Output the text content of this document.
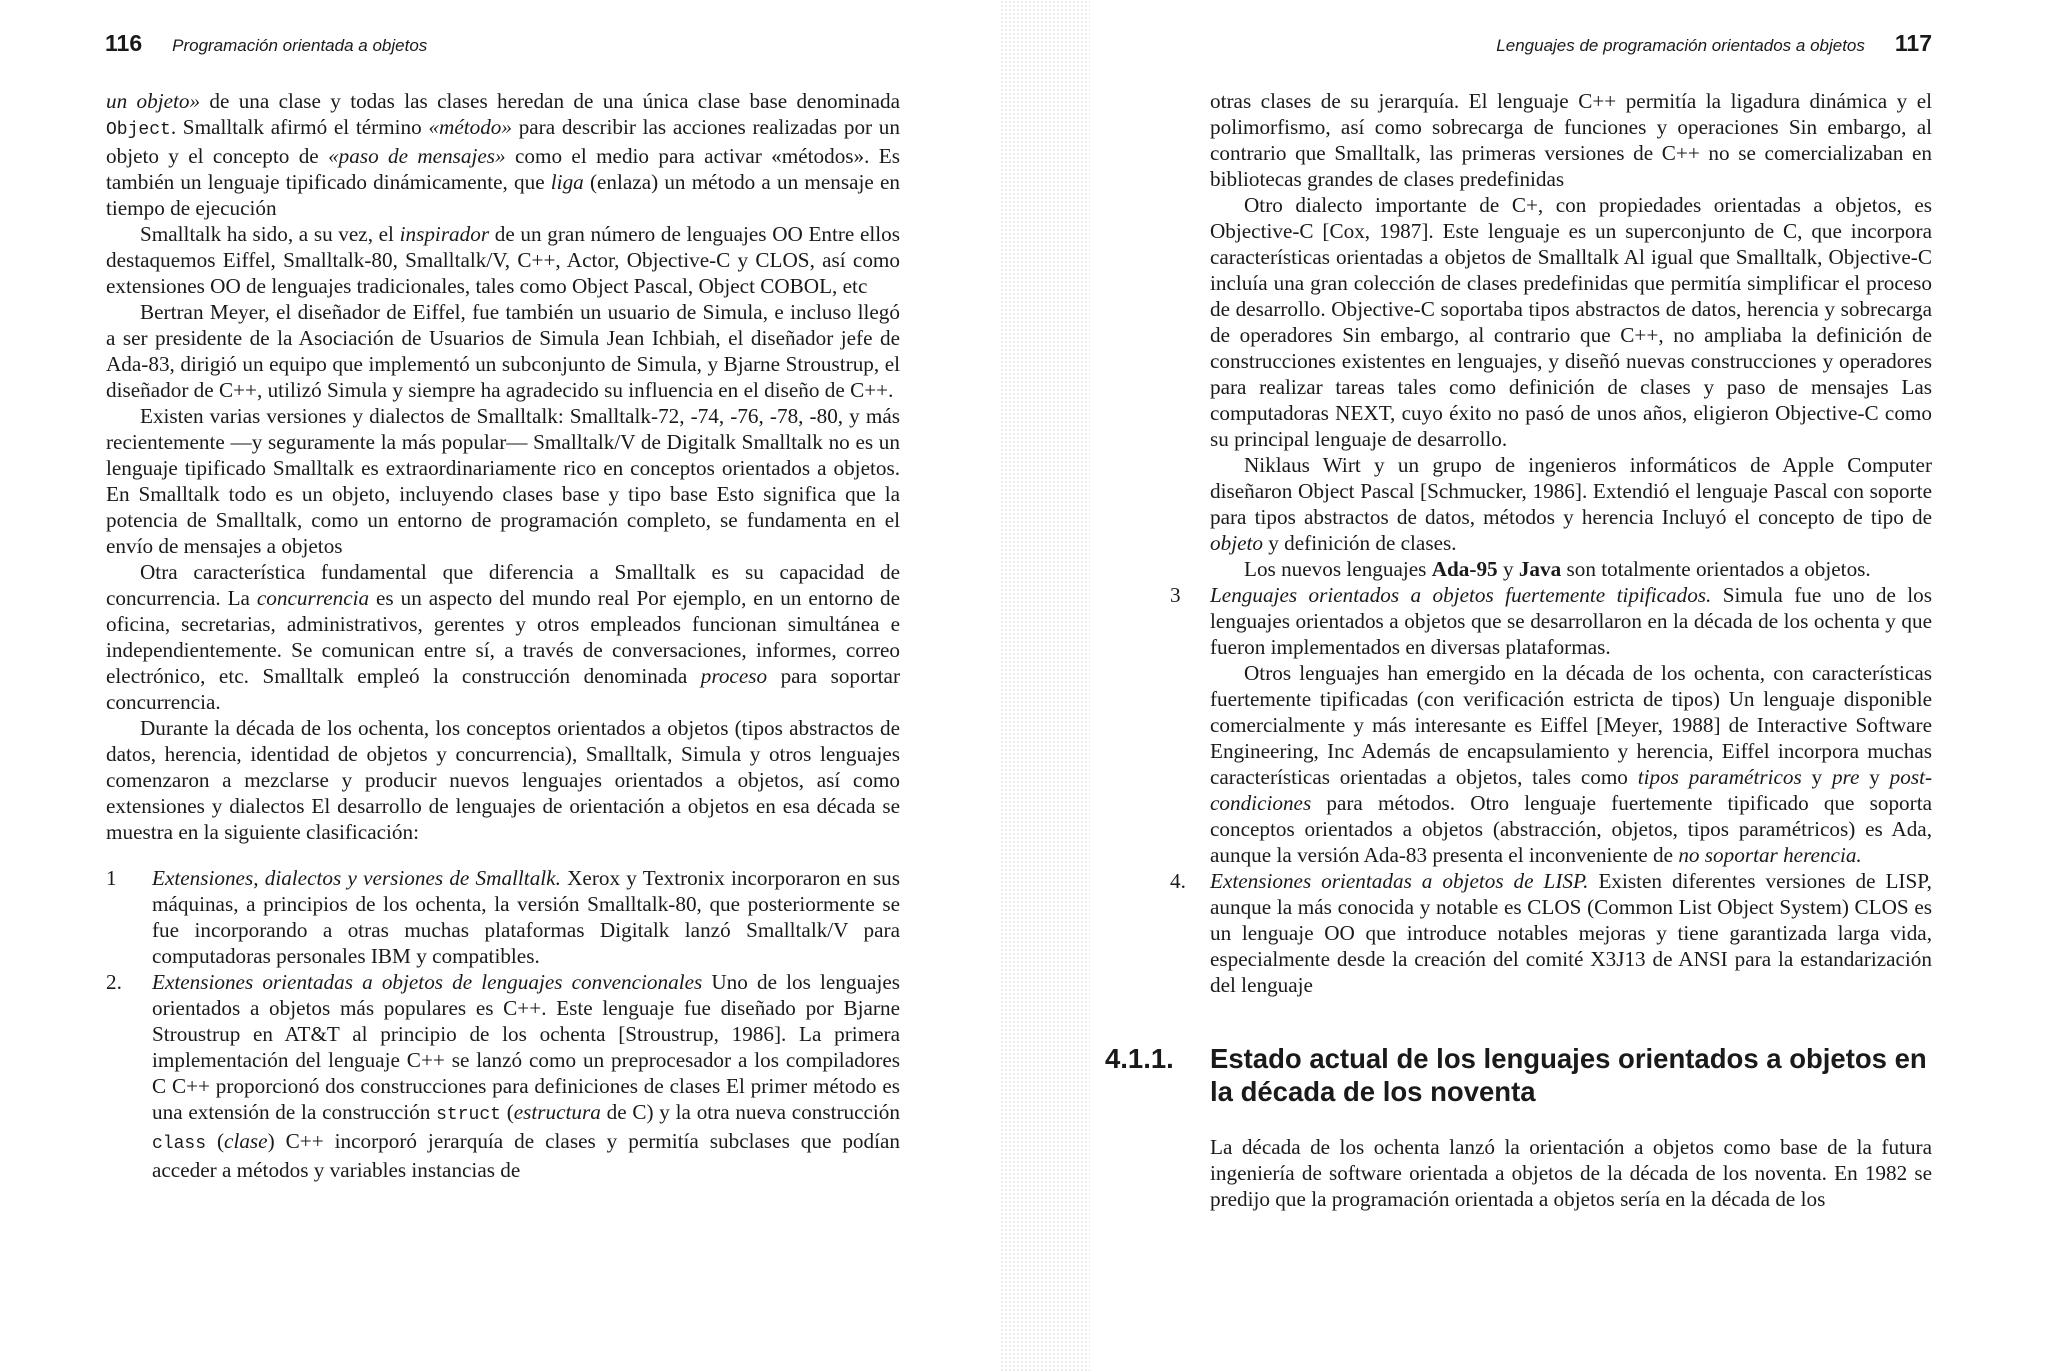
116 Programación orientada a objetos

un objeto» de una clase y todas las clases heredan de una única clase base denominada Object. Smalltalk afirmó el término «método» para describir las acciones realizadas por un objeto y el concepto de «paso de mensajes» como el medio para activar «métodos». Es también un lenguaje tipificado dinámicamente, que liga (enlaza) un método a un mensaje en tiempo de ejecución

Smalltalk ha sido, a su vez, el inspirador de un gran número de lenguajes OO Entre ellos destaquemos Eiffel, Smalltalk-80, Smalltalk/V, C++, Actor, Objective-C y CLOS, así como extensiones OO de lenguajes tradicionales, tales como Object Pascal, Object COBOL, etc

Bertran Meyer, el diseñador de Eiffel, fue también un usuario de Simula, e incluso llegó a ser presidente de la Asociación de Usuarios de Simula Jean Ichbiah, el diseñador jefe de Ada-83, dirigió un equipo que implementó un subconjunto de Simula, y Bjarne Stroustrup, el diseñador de C++, utilizó Simula y siempre ha agradecido su influencia en el diseño de C++.

Existen varias versiones y dialectos de Smalltalk: Smalltalk-72, -74, -76, -78, -80, y más recientemente —y seguramente la más popular— Smalltalk/V de Digitalk Smalltalk no es un lenguaje tipificado Smalltalk es extraordinariamente rico en conceptos orientados a objetos. En Smalltalk todo es un objeto, incluyendo clases base y tipo base Esto significa que la potencia de Smalltalk, como un entorno de programación completo, se fundamenta en el envío de mensajes a objetos

Otra característica fundamental que diferencia a Smalltalk es su capacidad de concurrencia. La concurrencia es un aspecto del mundo real Por ejemplo, en un entorno de oficina, secretarias, administrativos, gerentes y otros empleados funcionan simultánea e independientemente. Se comunican entre sí, a través de conversaciones, informes, correo electrónico, etc. Smalltalk empleó la construcción denominada proceso para soportar concurrencia.

Durante la década de los ochenta, los conceptos orientados a objetos (tipos abstractos de datos, herencia, identidad de objetos y concurrencia), Smalltalk, Simula y otros lenguajes comenzaron a mezclarse y producir nuevos lenguajes orientados a objetos, así como extensiones y dialectos El desarrollo de lenguajes de orientación a objetos en esa década se muestra en la siguiente clasificación:

1	Extensiones, dialectos y versiones de Smalltalk. Xerox y Textronix incorporaron en sus máquinas, a principios de los ochenta, la versión Smalltalk-80, que posteriormente se fue incorporando a otras muchas plataformas Digitalk lanzó Smalltalk/V para computadoras personales IBM y compatibles.
2.	Extensiones orientadas a objetos de lenguajes convencionales Uno de los lenguajes orientados a objetos más populares es C++. Este lenguaje fue diseñado por Bjarne Stroustrup en AT&T al principio de los ochenta [Stroustrup, 1986]. La primera implementación del lenguaje C++ se lanzó como un preprocesador a los compiladores C C++ proporcionó dos construcciones para definiciones de clases El primer método es una extensión de la construcción struct (estructura de C) y la otra nueva construcción class (clase) C++ incorporó jerarquía de clases y permitía subclases que podían acceder a métodos y variables instancias de
Lenguajes de programación orientados a objetos 117

otras clases de su jerarquía. El lenguaje C++ permitía la ligadura dinámica y el polimorfismo, así como sobrecarga de funciones y operaciones Sin embargo, al contrario que Smalltalk, las primeras versiones de C++ no se comercializaban en bibliotecas grandes de clases predefinidas

Otro dialecto importante de C+, con propiedades orientadas a objetos, es Objective-C [Cox, 1987]. Este lenguaje es un superconjunto de C, que incorpora características orientadas a objetos de Smalltalk Al igual que Smalltalk, Objective-C incluía una gran colección de clases predefinidas que permitía simplificar el proceso de desarrollo. Objective-C soportaba tipos abstractos de datos, herencia y sobrecarga de operadores Sin embargo, al contrario que C++, no ampliaba la definición de construcciones existentes en lenguajes, y diseñó nuevas construcciones y operadores para realizar tareas tales como definición de clases y paso de mensajes Las computadoras NEXT, cuyo éxito no pasó de unos años, eligieron Objective-C como su principal lenguaje de desarrollo.

Niklaus Wirt y un grupo de ingenieros informáticos de Apple Computer diseñaron Object Pascal [Schmucker, 1986]. Extendió el lenguaje Pascal con soporte para tipos abstractos de datos, métodos y herencia Incluyó el concepto de tipo de objeto y definición de clases.

Los nuevos lenguajes Ada-95 y Java son totalmente orientados a objetos.

3	Lenguajes orientados a objetos fuertemente tipificados. Simula fue uno de los lenguajes orientados a objetos que se desarrollaron en la década de los ochenta y que fueron implementados en diversas plataformas.
Otros lenguajes han emergido en la década de los ochenta, con características fuertemente tipificadas (con verificación estricta de tipos) Un lenguaje disponible comercialmente y más interesante es Eiffel [Meyer, 1988] de Interactive Software Engineering, Inc Además de encapsulamiento y herencia, Eiffel incorpora muchas características orientadas a objetos, tales como tipos paramétricos y pre y post-condiciones para métodos. Otro lenguaje fuertemente tipificado que soporta conceptos orientados a objetos (abstracción, objetos, tipos paramétricos) es Ada, aunque la versión Ada-83 presenta el inconveniente de no soportar herencia.
4.	Extensiones orientadas a objetos de LISP. Existen diferentes versiones de LISP, aunque la más conocida y notable es CLOS (Common List Object System) CLOS es un lenguaje OO que introduce notables mejoras y tiene garantizada larga vida, especialmente desde la creación del comité X3J13 de ANSI para la estandarización del lenguaje
4.1.1.	Estado actual de los lenguajes orientados a objetos en la década de los noventa

La década de los ochenta lanzó la orientación a objetos como base de la futura ingeniería de software orientada a objetos de la década de los noventa. En 1982 se predijo que la programación orientada a objetos sería en la década de los
